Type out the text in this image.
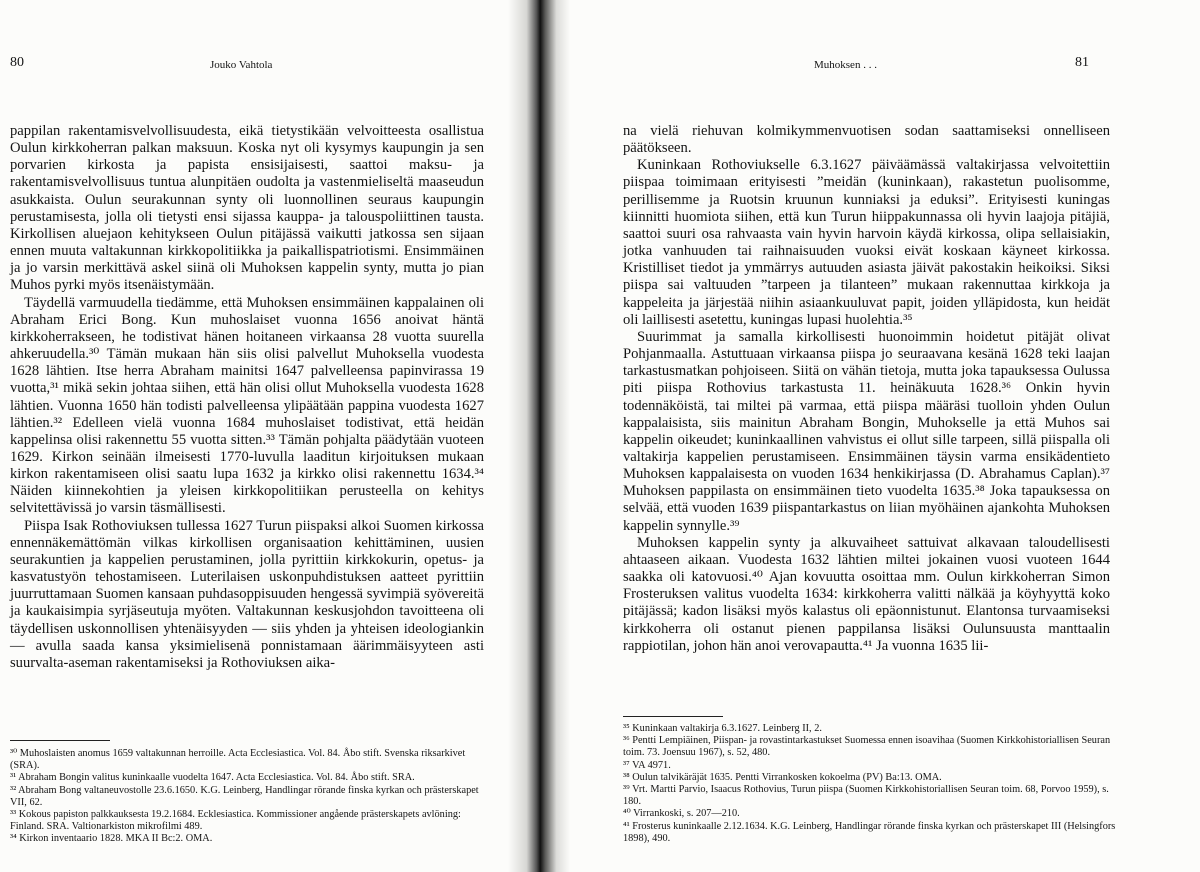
80	Jouko Vahtola

pappilan rakentamisvelvollisuudesta, eikä tietystikään velvoitteesta osallistua Oulun kirkkoherran palkan maksuun. Koska nyt oli kysymys kaupungin ja sen porvarien kirkosta ja papista ensisijaisesti, saattoi maksu- ja rakentamisvelvollisuus tuntua alunpitäen oudolta ja vastenmieliseltä maaseudun asukkaista. Oulun seurakunnan synty oli luonnollinen seuraus kaupungin perustamisesta, jolla oli tietysti ensi sijassa kauppa- ja talouspoliittinen tausta. Kirkollisen aluejaon kehitykseen Oulun pitäjässä vaikutti jatkossa sen sijaan ennen muuta valtakunnan kirkkopolitiikka ja paikallispatriotismi. Ensimmäinen ja jo varsin merkittävä askel siinä oli Muhoksen kappelin synty, mutta jo pian Muhos pyrki myös itsenäistymään.

Täydellä varmuudella tiedämme, että Muhoksen ensimmäinen kappalainen oli Abraham Erici Bong. Kun muhoslaiset vuonna 1656 anoivat häntä kirkkoherrakseen, he todistivat hänen hoitaneen virkaansa 28 vuotta suurella ahkeruudella.³⁰ Tämän mukaan hän siis olisi palvellut Muhoksella vuodesta 1628 lähtien. Itse herra Abraham mainitsi 1647 palvelleensa papinvirassa 19 vuotta,³¹ mikä sekin johtaa siihen, että hän olisi ollut Muhoksella vuodesta 1628 lähtien. Vuonna 1650 hän todisti palvelleensa ylipäätään pappina vuodesta 1627 lähtien.³² Edelleen vielä vuonna 1684 muhoslaiset todistivat, että heidän kappelinsa olisi rakennettu 55 vuotta sitten.³³ Tämän pohjalta päädytään vuoteen 1629. Kirkon seinään ilmeisesti 1770-luvulla laaditun kirjoituksen mukaan kirkon rakentamiseen olisi saatu lupa 1632 ja kirkko olisi rakennettu 1634.³⁴ Näiden kiinnekohtien ja yleisen kirkkopolitiikan perusteella on kehitys selvitettävissä jo varsin täsmällisesti.

Piispa Isak Rothoviuksen tullessa 1627 Turun piispaksi alkoi Suomen kirkossa ennennäkemättömän vilkas kirkollisen organisaation kehittäminen, uusien seurakuntien ja kappelien perustaminen, jolla pyrittiin kirkkokurin, opetus- ja kasvatustyön tehostamiseen. Luterilaisen uskonpuhdistuksen aatteet pyrittiin juurruttamaan Suomen kansaan puhdasoppisuuden hengessä syvimpiä syövereitä ja kaukaisimpia syrjäseutuja myöten. Valtakunnan keskusjohdon tavoitteena oli täydellisen uskonnollisen yhtenäisyyden — siis yhden ja yhteisen ideologiankin — avulla saada kansa yksimielisenä ponnistamaan äärimmäisyyteen asti suurvalta-aseman rakentamiseksi ja Rothoviuksen aika-

³⁰ Muhoslaisten anomus 1659 valtakunnan herroille. Acta Ecclesiastica. Vol. 84. Åbo stift. Svenska riksarkivet (SRA).

³¹ Abraham Bongin valitus kuninkaalle vuodelta 1647. Acta Ecclesiastica. Vol. 84. Åbo stift. SRA.

³² Abraham Bong valtaneuvostolle 23.6.1650. K.G. Leinberg, Handlingar rörande finska kyrkan och prästerskapet VII, 62.

³³ Kokous papiston palkkauksesta 19.2.1684. Ecklesiastica. Kommissioner angående prästerskapets avlöning: Finland. SRA. Valtionarkiston mikrofilmi 489.

³⁴ Kirkon inventaario 1828. MKA II Bc:2. OMA.

Muhoksen . . .	81

na vielä riehuvan kolmikymmenvuotisen sodan saattamiseksi onnelliseen päätökseen.

Kuninkaan Rothoviukselle 6.3.1627 päiväämässä valtakirjassa velvoitettiin piispaa toimimaan erityisesti ”meidän (kuninkaan), rakastetun puolisomme, perillisemme ja Ruotsin kruunun kunniaksi ja eduksi”. Erityisesti kuningas kiinnitti huomiota siihen, että kun Turun hiippakunnassa oli hyvin laajoja pitäjiä, saattoi suuri osa rahvaasta vain hyvin harvoin käydä kirkossa, olipa sellaisiakin, jotka vanhuuden tai raihnaisuuden vuoksi eivät koskaan käyneet kirkossa. Kristilliset tiedot ja ymmärrys autuuden asiasta jäivät pakostakin heikoiksi. Siksi piispa sai valtuuden ”tarpeen ja tilanteen” mukaan rakennuttaa kirkkoja ja kappeleita ja järjestää niihin asiaankuuluvat papit, joiden ylläpidosta, kun heidät oli laillisesti asetettu, kuningas lupasi huolehtia.³⁵

Suurimmat ja samalla kirkollisesti huonoimmin hoidetut pitäjät olivat Pohjanmaalla. Astuttuaan virkaansa piispa jo seuraavana kesänä 1628 teki laajan tarkastusmatkan pohjoiseen. Siitä on vähän tietoja, mutta joka tapauksessa Oulussa piti piispa Rothovius tarkastusta 11. heinäkuuta 1628.³⁶ Onkin hyvin todennäköistä, tai miltei pä varmaa, että piispa määräsi tuolloin yhden Oulun kappalaisista, siis mainitun Abraham Bongin, Muhokselle ja että Muhos sai kappelin oikeudet; kuninkaallinen vahvistus ei ollut sille tarpeen, sillä piispalla oli valtakirja kappelien perustamiseen. Ensimmäinen täysin varma ensikädentieto Muhoksen kappalaisesta on vuoden 1634 henkikirjassa (D. Abrahamus Caplan).³⁷ Muhoksen pappilasta on ensimmäinen tieto vuodelta 1635.³⁸ Joka tapauksessa on selvää, että vuoden 1639 piispantarkastus on liian myöhäinen ajankohta Muhoksen kappelin synnylle.³⁹

Muhoksen kappelin synty ja alkuvaiheet sattuivat alkavaan taloudellisesti ahtaaseen aikaan. Vuodesta 1632 lähtien miltei jokainen vuosi vuoteen 1644 saakka oli katovuosi.⁴⁰ Ajan kovuutta osoittaa mm. Oulun kirkkoherran Simon Frosteruksen valitus vuodelta 1634: kirkkoherra valitti nälkää ja köyhyyttä koko pitäjässä; kadon lisäksi myös kalastus oli epäonnistunut. Elantonsa turvaamiseksi kirkkoherra oli ostanut pienen pappilansa lisäksi Oulunsuusta manttaalin rappiotilan, johon hän anoi verovapautta.⁴¹ Ja vuonna 1635 lii-

³⁵ Kuninkaan valtakirja 6.3.1627. Leinberg II, 2.

³⁶ Pentti Lempiäinen, Piispan- ja rovastintarkastukset Suomessa ennen isoavihaa (Suomen Kirkkohistoriallisen Seuran toim. 73. Joensuu 1967), s. 52, 480.

³⁷ VA 4971.

³⁸ Oulun talvikäräjät 1635. Pentti Virrankosken kokoelma (PV) Ba:13. OMA.

³⁹ Vrt. Martti Parvio, Isaacus Rothovius, Turun piispa (Suomen Kirkkohistoriallisen Seuran toim. 68, Porvoo 1959), s. 180.

⁴⁰ Virrankoski, s. 207—210.

⁴¹ Frosterus kuninkaalle 2.12.1634. K.G. Leinberg, Handlingar rörande finska kyrkan och prästerskapet III (Helsingfors 1898), 490.
